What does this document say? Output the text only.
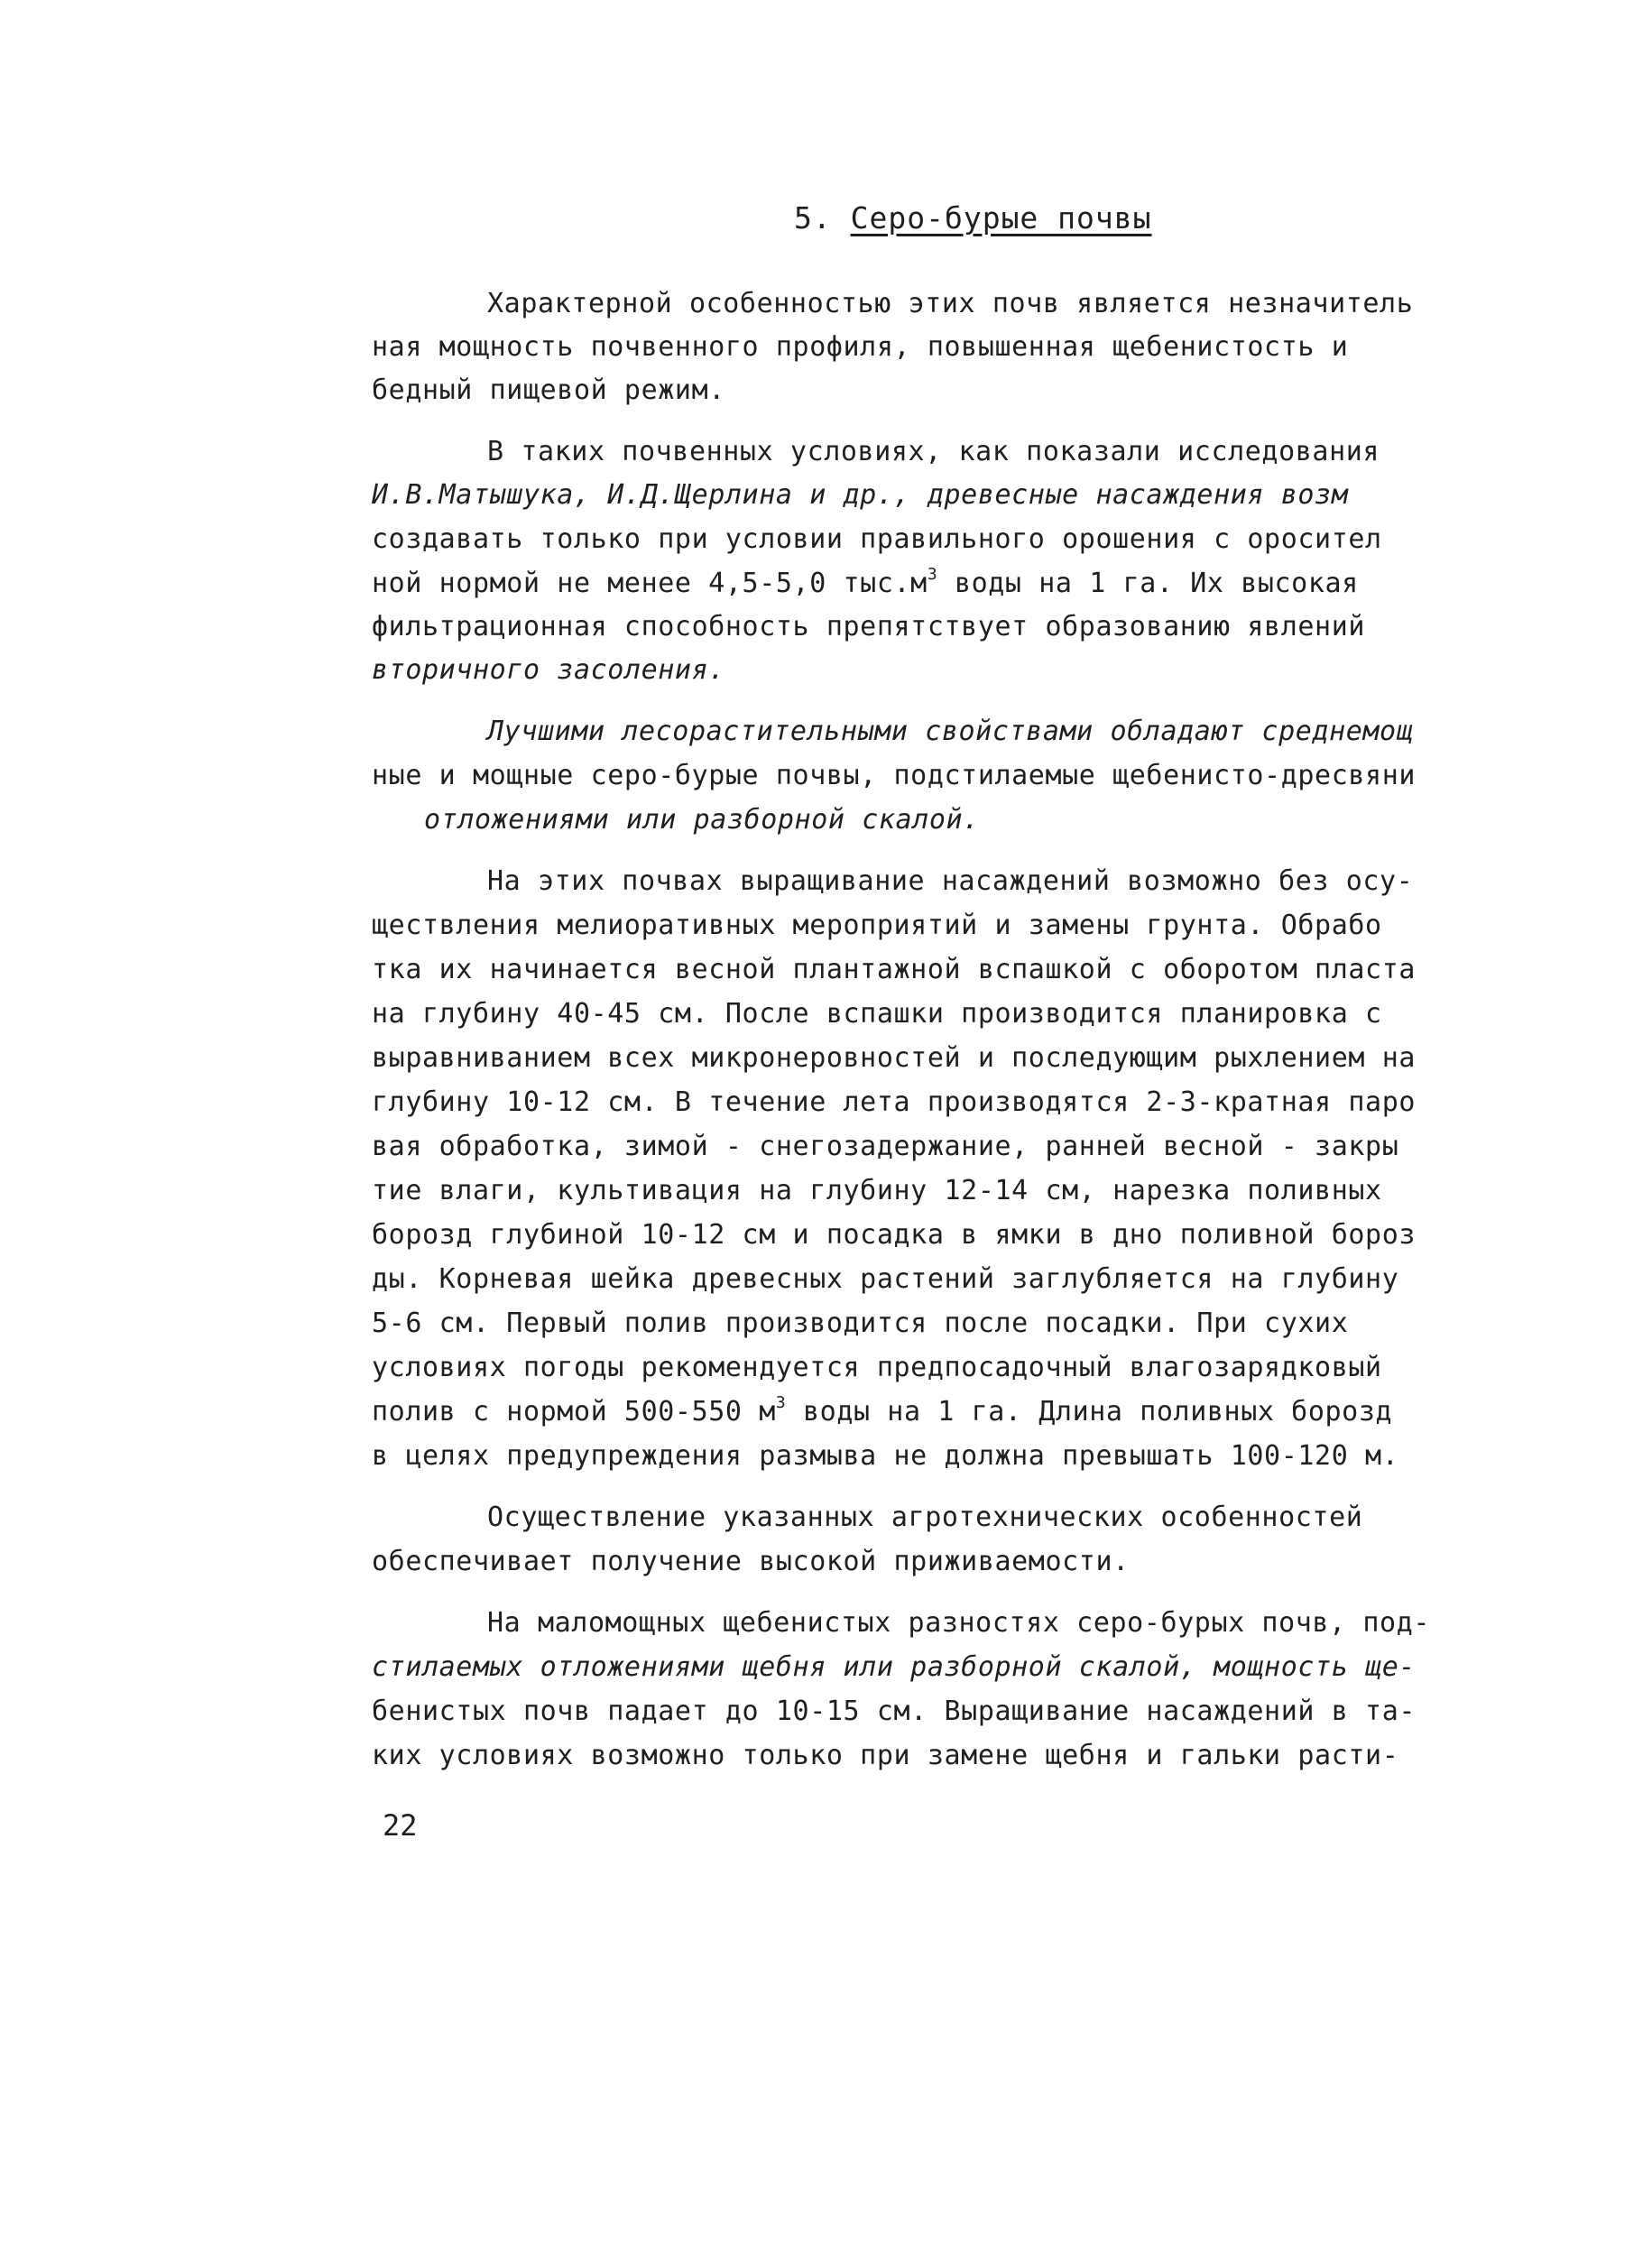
5. Серо-бурые почвы
Характерной особенностью этих почв является незначитель
ная мощность почвенного профиля, повышенная щебенистость и
бедный пищевой режим.
В таких почвенных условиях, как показали исследования
И.В.Матышука, И.Д.Щерлина и др., древесные насаждения возм
создавать только при условии правильного орошения с оросител
ной нормой не менее 4,5-5,0 $тыс.м^3$ воды на 1 га. Их высокая
фильтрационная способность препятствует образованию явлений
вторичного засоления.
Лучшими лесорастительными свойствами обладают среднемощ
ные и мощные серо-бурые почвы, подстилаемые щебенисто-дресвяни
отложениями или разборной скалой.
На этих почвах выращивание насаждений возможно без осу-
ществления мелиоративных мероприятий и замены грунта. Обрабо
тка их начинается весной плантажной вспашкой с оборотом пласта
на глубину 40-45 см. После вспашки производится планировка с
выравниванием всех микронеровностей и последующим рыхлением на
глубину 10-12 см. В течение лета производятся 2-3-кратная паро
вая обработка, зимой - снегозадержание, ранней весной - закры
тие влаги, культивация на глубину 12-14 см, нарезка поливных
борозд глубиной 10-12 см и посадка в ямки в дно поливной бороз
ды. Корневая шейка древесных растений заглубляется на глубину
5-6 см. Первый полив производится после посадки. При сухих
условиях погоды рекомендуется предпосадочный влагозарядковый
полив с нормой 500-550 $м^3$ воды на 1 га. Длина поливных борозд
в целях предупреждения размыва не должна превышать 100-120 м.
Осуществление указанных агротехнических особенностей
обеспечивает получение высокой приживаемости.
На маломощных щебенистых разностях серо-бурых почв, под-
стилаемых отложениями щебня или разборной скалой, мощность ще-
бенистых почв падает до 10-15 см. Выращивание насаждений в та-
ких условиях возможно только при замене щебня и гальки расти-
22
